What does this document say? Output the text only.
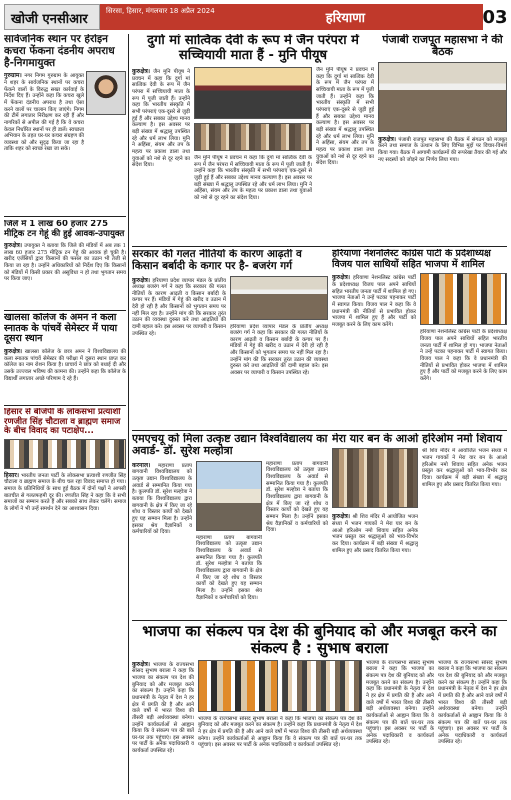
खोजी एनसीआर
सिरसा, हिसार, मंगलवार 18 अप्रैल 2024	हरियाणा	03
सार्वजनिक स्थान पर हेरोइन कचरा फेंकना दंडनीय अपराध है-निगमायुक्त
गुरुग्राम। नगर निगम गुरुग्राम के आयुक्त ने शहर के सार्वजनिक स्थानों पर कचरा फेंकने वालों के विरुद्ध सख्त कार्रवाई के निर्देश दिए हैं। उन्होंने कहा कि कचरा खुले में फेंकना दंडनीय अपराध है तथा ऐसा करने वालों पर चालान किए जाएंगे। निगम की टीमें लगातार निरीक्षण कर रही हैं और नागरिकों से अपील की गई है कि वे कचरा केवल निर्धारित स्थानों पर ही डालें। स्वच्छता अभियान के तहत घर-घर कचरा संग्रहण की व्यवस्था को और सुदृढ़ किया जा रहा है ताकि शहर को स्वच्छ रखा जा सके।
जिले में 1 लाख 60 हजार 275 मीट्रिक टन गेहूं की हुई आवक-उपायुक्त
कुरुक्षेत्र। उपायुक्त ने बताया कि जिले की मंडियों में अब तक 1 लाख 60 हजार 275 मीट्रिक टन गेहूं की आवक हो चुकी है। खरीद एजेंसियों द्वारा किसानों की फसल का उठान भी तेजी से किया जा रहा है। उन्होंने अधिकारियों को निर्देश दिए कि किसानों को मंडियों में किसी प्रकार की असुविधा न हो तथा भुगतान समय पर किया जाए।
खालसा कॉलेज के अमन ने कला स्नातक के पांचवें सेमेस्टर में पाया दूसरा स्थान
कुरुक्षेत्र। खालसा कॉलेज के छात्र अमन ने विश्वविद्यालय की कला स्नातक पांचवें सेमेस्टर की परीक्षा में दूसरा स्थान प्राप्त कर कॉलेज का नाम रोशन किया है। प्राचार्य ने छात्र को बधाई दी और उसके उज्ज्वल भविष्य की कामना की। उन्होंने कहा कि कॉलेज के विद्यार्थी लगातार अच्छे परिणाम दे रहे हैं।
हिसार से बीजेपी के लोकसभा प्रत्याशी रणजीत सिंह चौटाला व ब्राह्मण समाज के बीच विवाद का पटाक्षेप...
हिसार। भारतीय जनता पार्टी के लोकसभा प्रत्याशी रणजीत सिंह चौटाला व ब्राह्मण समाज के बीच चल रहा विवाद समाप्त हो गया। समाज के प्रतिनिधियों के साथ हुई बैठक में दोनों पक्षों ने आपसी बातचीत से गलतफहमी दूर की। रणजीत सिंह ने कहा कि वे सभी समाजों का सम्मान करते हैं और सबको साथ लेकर चलेंगे। समाज के लोगों ने भी उन्हें समर्थन देने का आश्वासन दिया।
दुर्गा मां सात्विक देवी के रूप में जैन परंपरा में सच्चियायी माता हैं - मुनि पीयूष
कुरुक्षेत्र। जैन मुनि पीयूष ने प्रवचन में कहा कि दुर्गा मां सात्विक देवी के रूप में जैन परंपरा में सच्चियायी माता के रूप में पूजी जाती हैं। उन्होंने कहा कि भारतीय संस्कृति में सभी परंपराएं एक-दूसरे से जुड़ी हुई हैं और सबका उद्देश्य मानव कल्याण है। इस अवसर पर बड़ी संख्या में श्रद्धालु उपस्थित रहे और धर्म लाभ लिया। मुनि ने अहिंसा, संयम और तप के महत्व पर प्रकाश डाला तथा युवाओं को नशे से दूर रहने का संदेश दिया।
जैन मुनि पीयूष ने प्रवचन में कहा कि दुर्गा मां सात्विक देवी के रूप में जैन परंपरा में सच्चियायी माता के रूप में पूजी जाती हैं। उन्होंने कहा कि भारतीय संस्कृति में सभी परंपराएं एक-दूसरे से जुड़ी हुई हैं और सबका उद्देश्य मानव कल्याण है। इस अवसर पर बड़ी संख्या में श्रद्धालु उपस्थित रहे और धर्म लाभ लिया। मुनि ने अहिंसा, संयम और तप के महत्व पर प्रकाश डाला तथा युवाओं को नशे से दूर रहने का संदेश दिया।
जैन मुनि पीयूष ने प्रवचन में कहा कि दुर्गा मां सात्विक देवी के रूप में जैन परंपरा में सच्चियायी माता के रूप में पूजी जाती हैं। उन्होंने कहा कि भारतीय संस्कृति में सभी परंपराएं एक-दूसरे से जुड़ी हुई हैं और सबका उद्देश्य मानव कल्याण है। इस अवसर पर बड़ी संख्या में श्रद्धालु उपस्थित रहे और धर्म लाभ लिया। मुनि ने अहिंसा, संयम और तप के महत्व पर प्रकाश डाला तथा युवाओं को नशे से दूर रहने का संदेश दिया।
पंजाबी राजपूत महासभा ने की बैठक
कुरुक्षेत्र। पंजाबी राजपूत महासभा की बैठक में संगठन को मजबूत करने तथा समाज के उत्थान के लिए विभिन्न मुद्दों पर विचार-विमर्श किया गया। बैठक में आगामी कार्यक्रमों की रूपरेखा तैयार की गई और नए सदस्यों को जोड़ने का निर्णय लिया गया।
सरकार की गलत नीतियों के कारण आढ़ती व किसान बर्बादी के कगार पर है- बजरंग गर्ग
कुरुक्षेत्र। हरियाणा प्रदेश व्यापार मंडल के प्रांतीय अध्यक्ष बजरंग गर्ग ने कहा कि सरकार की गलत नीतियों के कारण आढ़ती व किसान बर्बादी के कगार पर हैं। मंडियों में गेहूं की खरीद व उठान में देरी हो रही है और किसानों को भुगतान समय पर नहीं मिल रहा है। उन्होंने मांग की कि सरकार तुरंत उठान की व्यवस्था दुरुस्त करे तथा आढ़तियों की दामी बहाल करे। इस अवसर पर व्यापारी व किसान उपस्थित रहे।
हरियाणा प्रदेश व्यापार मंडल के प्रांतीय अध्यक्ष बजरंग गर्ग ने कहा कि सरकार की गलत नीतियों के कारण आढ़ती व किसान बर्बादी के कगार पर हैं। मंडियों में गेहूं की खरीद व उठान में देरी हो रही है और किसानों को भुगतान समय पर नहीं मिल रहा है। उन्होंने मांग की कि सरकार तुरंत उठान की व्यवस्था दुरुस्त करे तथा आढ़तियों की दामी बहाल करे। इस अवसर पर व्यापारी व किसान उपस्थित रहे।
हरियाणा नेशनलिस्ट कांग्रेस पार्टी के प्रदेशाध्यक्ष विजय पाल साथियों सहित भाजपा में शामिल
कुरुक्षेत्र। हरियाणा नेशनलिस्ट कांग्रेस पार्टी के प्रदेशाध्यक्ष विजय पाल अपने साथियों सहित भारतीय जनता पार्टी में शामिल हो गए। भाजपा नेताओं ने उन्हें पटका पहनाकर पार्टी में स्वागत किया। विजय पाल ने कहा कि वे प्रधानमंत्री की नीतियों से प्रभावित होकर भाजपा में शामिल हुए हैं और पार्टी को मजबूत करने के लिए काम करेंगे।
हरियाणा नेशनलिस्ट कांग्रेस पार्टी के प्रदेशाध्यक्ष विजय पाल अपने साथियों सहित भारतीय जनता पार्टी में शामिल हो गए। भाजपा नेताओं ने उन्हें पटका पहनाकर पार्टी में स्वागत किया। विजय पाल ने कहा कि वे प्रधानमंत्री की नीतियों से प्रभावित होकर भाजपा में शामिल हुए हैं और पार्टी को मजबूत करने के लिए काम करेंगे।
एमएचयू को मिला उत्कृष्ट उद्यान विश्वविद्यालय का अवार्ड- डॉ. सुरेश मल्होत्रा
करनाल। महाराणा प्रताप बागवानी विश्वविद्यालय को उत्कृष्ट उद्यान विश्वविद्यालय के अवार्ड से सम्मानित किया गया है। कुलपति डॉ. सुरेश मल्होत्रा ने बताया कि विश्वविद्यालय द्वारा बागवानी के क्षेत्र में किए जा रहे शोध व विस्तार कार्यों को देखते हुए यह सम्मान मिला है। उन्होंने इसका श्रेय वैज्ञानिकों व कर्मचारियों को दिया।
महाराणा प्रताप बागवानी विश्वविद्यालय को उत्कृष्ट उद्यान विश्वविद्यालय के अवार्ड से सम्मानित किया गया है। कुलपति डॉ. सुरेश मल्होत्रा ने बताया कि विश्वविद्यालय द्वारा बागवानी के क्षेत्र में किए जा रहे शोध व विस्तार कार्यों को देखते हुए यह सम्मान मिला है। उन्होंने इसका श्रेय वैज्ञानिकों व कर्मचारियों को दिया।
महाराणा प्रताप बागवानी विश्वविद्यालय को उत्कृष्ट उद्यान विश्वविद्यालय के अवार्ड से सम्मानित किया गया है। कुलपति डॉ. सुरेश मल्होत्रा ने बताया कि विश्वविद्यालय द्वारा बागवानी के क्षेत्र में किए जा रहे शोध व विस्तार कार्यों को देखते हुए यह सम्मान मिला है। उन्होंने इसका श्रेय वैज्ञानिकों व कर्मचारियों को दिया।
मेरा यार बन के आओ हरिओम नमो शिवाय
कुरुक्षेत्र। श्री शिव मंदिर में आयोजित भजन संध्या में भजन गायकों ने मेरा यार बन के आओ हरिओम नमो शिवाय सहित अनेक भजन प्रस्तुत कर श्रद्धालुओं को भाव-विभोर कर दिया। कार्यक्रम में बड़ी संख्या में श्रद्धालु शामिल हुए और प्रसाद वितरित किया गया।
श्री शिव मंदिर में आयोजित भजन संध्या में भजन गायकों ने मेरा यार बन के आओ हरिओम नमो शिवाय सहित अनेक भजन प्रस्तुत कर श्रद्धालुओं को भाव-विभोर कर दिया। कार्यक्रम में बड़ी संख्या में श्रद्धालु शामिल हुए और प्रसाद वितरित किया गया।
भाजपा का संकल्प पत्र देश की बुनियाद को और मजबूत करने का संकल्प है : सुभाष बराला
कुरुक्षेत्र। भाजपा के राज्यसभा सांसद सुभाष बराला ने कहा कि भाजपा का संकल्प पत्र देश की बुनियाद को और मजबूत करने का संकल्प है। उन्होंने कहा कि प्रधानमंत्री के नेतृत्व में देश ने हर क्षेत्र में प्रगति की है और आने वाले वर्षों में भारत विश्व की तीसरी बड़ी अर्थव्यवस्था बनेगा। उन्होंने कार्यकर्ताओं से आह्वान किया कि वे संकल्प पत्र की बातें घर-घर तक पहुंचाएं। इस अवसर पर पार्टी के अनेक पदाधिकारी व कार्यकर्ता उपस्थित रहे।
भाजपा के राज्यसभा सांसद सुभाष बराला ने कहा कि भाजपा का संकल्प पत्र देश की बुनियाद को और मजबूत करने का संकल्प है। उन्होंने कहा कि प्रधानमंत्री के नेतृत्व में देश ने हर क्षेत्र में प्रगति की है और आने वाले वर्षों में भारत विश्व की तीसरी बड़ी अर्थव्यवस्था बनेगा। उन्होंने कार्यकर्ताओं से आह्वान किया कि वे संकल्प पत्र की बातें घर-घर तक पहुंचाएं। इस अवसर पर पार्टी के अनेक पदाधिकारी व कार्यकर्ता उपस्थित रहे।
भाजपा के राज्यसभा सांसद सुभाष बराला ने कहा कि भाजपा का संकल्प पत्र देश की बुनियाद को और मजबूत करने का संकल्प है। उन्होंने कहा कि प्रधानमंत्री के नेतृत्व में देश ने हर क्षेत्र में प्रगति की है और आने वाले वर्षों में भारत विश्व की तीसरी बड़ी अर्थव्यवस्था बनेगा। उन्होंने कार्यकर्ताओं से आह्वान किया कि वे संकल्प पत्र की बातें घर-घर तक पहुंचाएं। इस अवसर पर पार्टी के अनेक पदाधिकारी व कार्यकर्ता उपस्थित रहे।
भाजपा के राज्यसभा सांसद सुभाष बराला ने कहा कि भाजपा का संकल्प पत्र देश की बुनियाद को और मजबूत करने का संकल्प है। उन्होंने कहा कि प्रधानमंत्री के नेतृत्व में देश ने हर क्षेत्र में प्रगति की है और आने वाले वर्षों में भारत विश्व की तीसरी बड़ी अर्थव्यवस्था बनेगा। उन्होंने कार्यकर्ताओं से आह्वान किया कि वे संकल्प पत्र की बातें घर-घर तक पहुंचाएं। इस अवसर पर पार्टी के अनेक पदाधिकारी व कार्यकर्ता उपस्थित रहे।
